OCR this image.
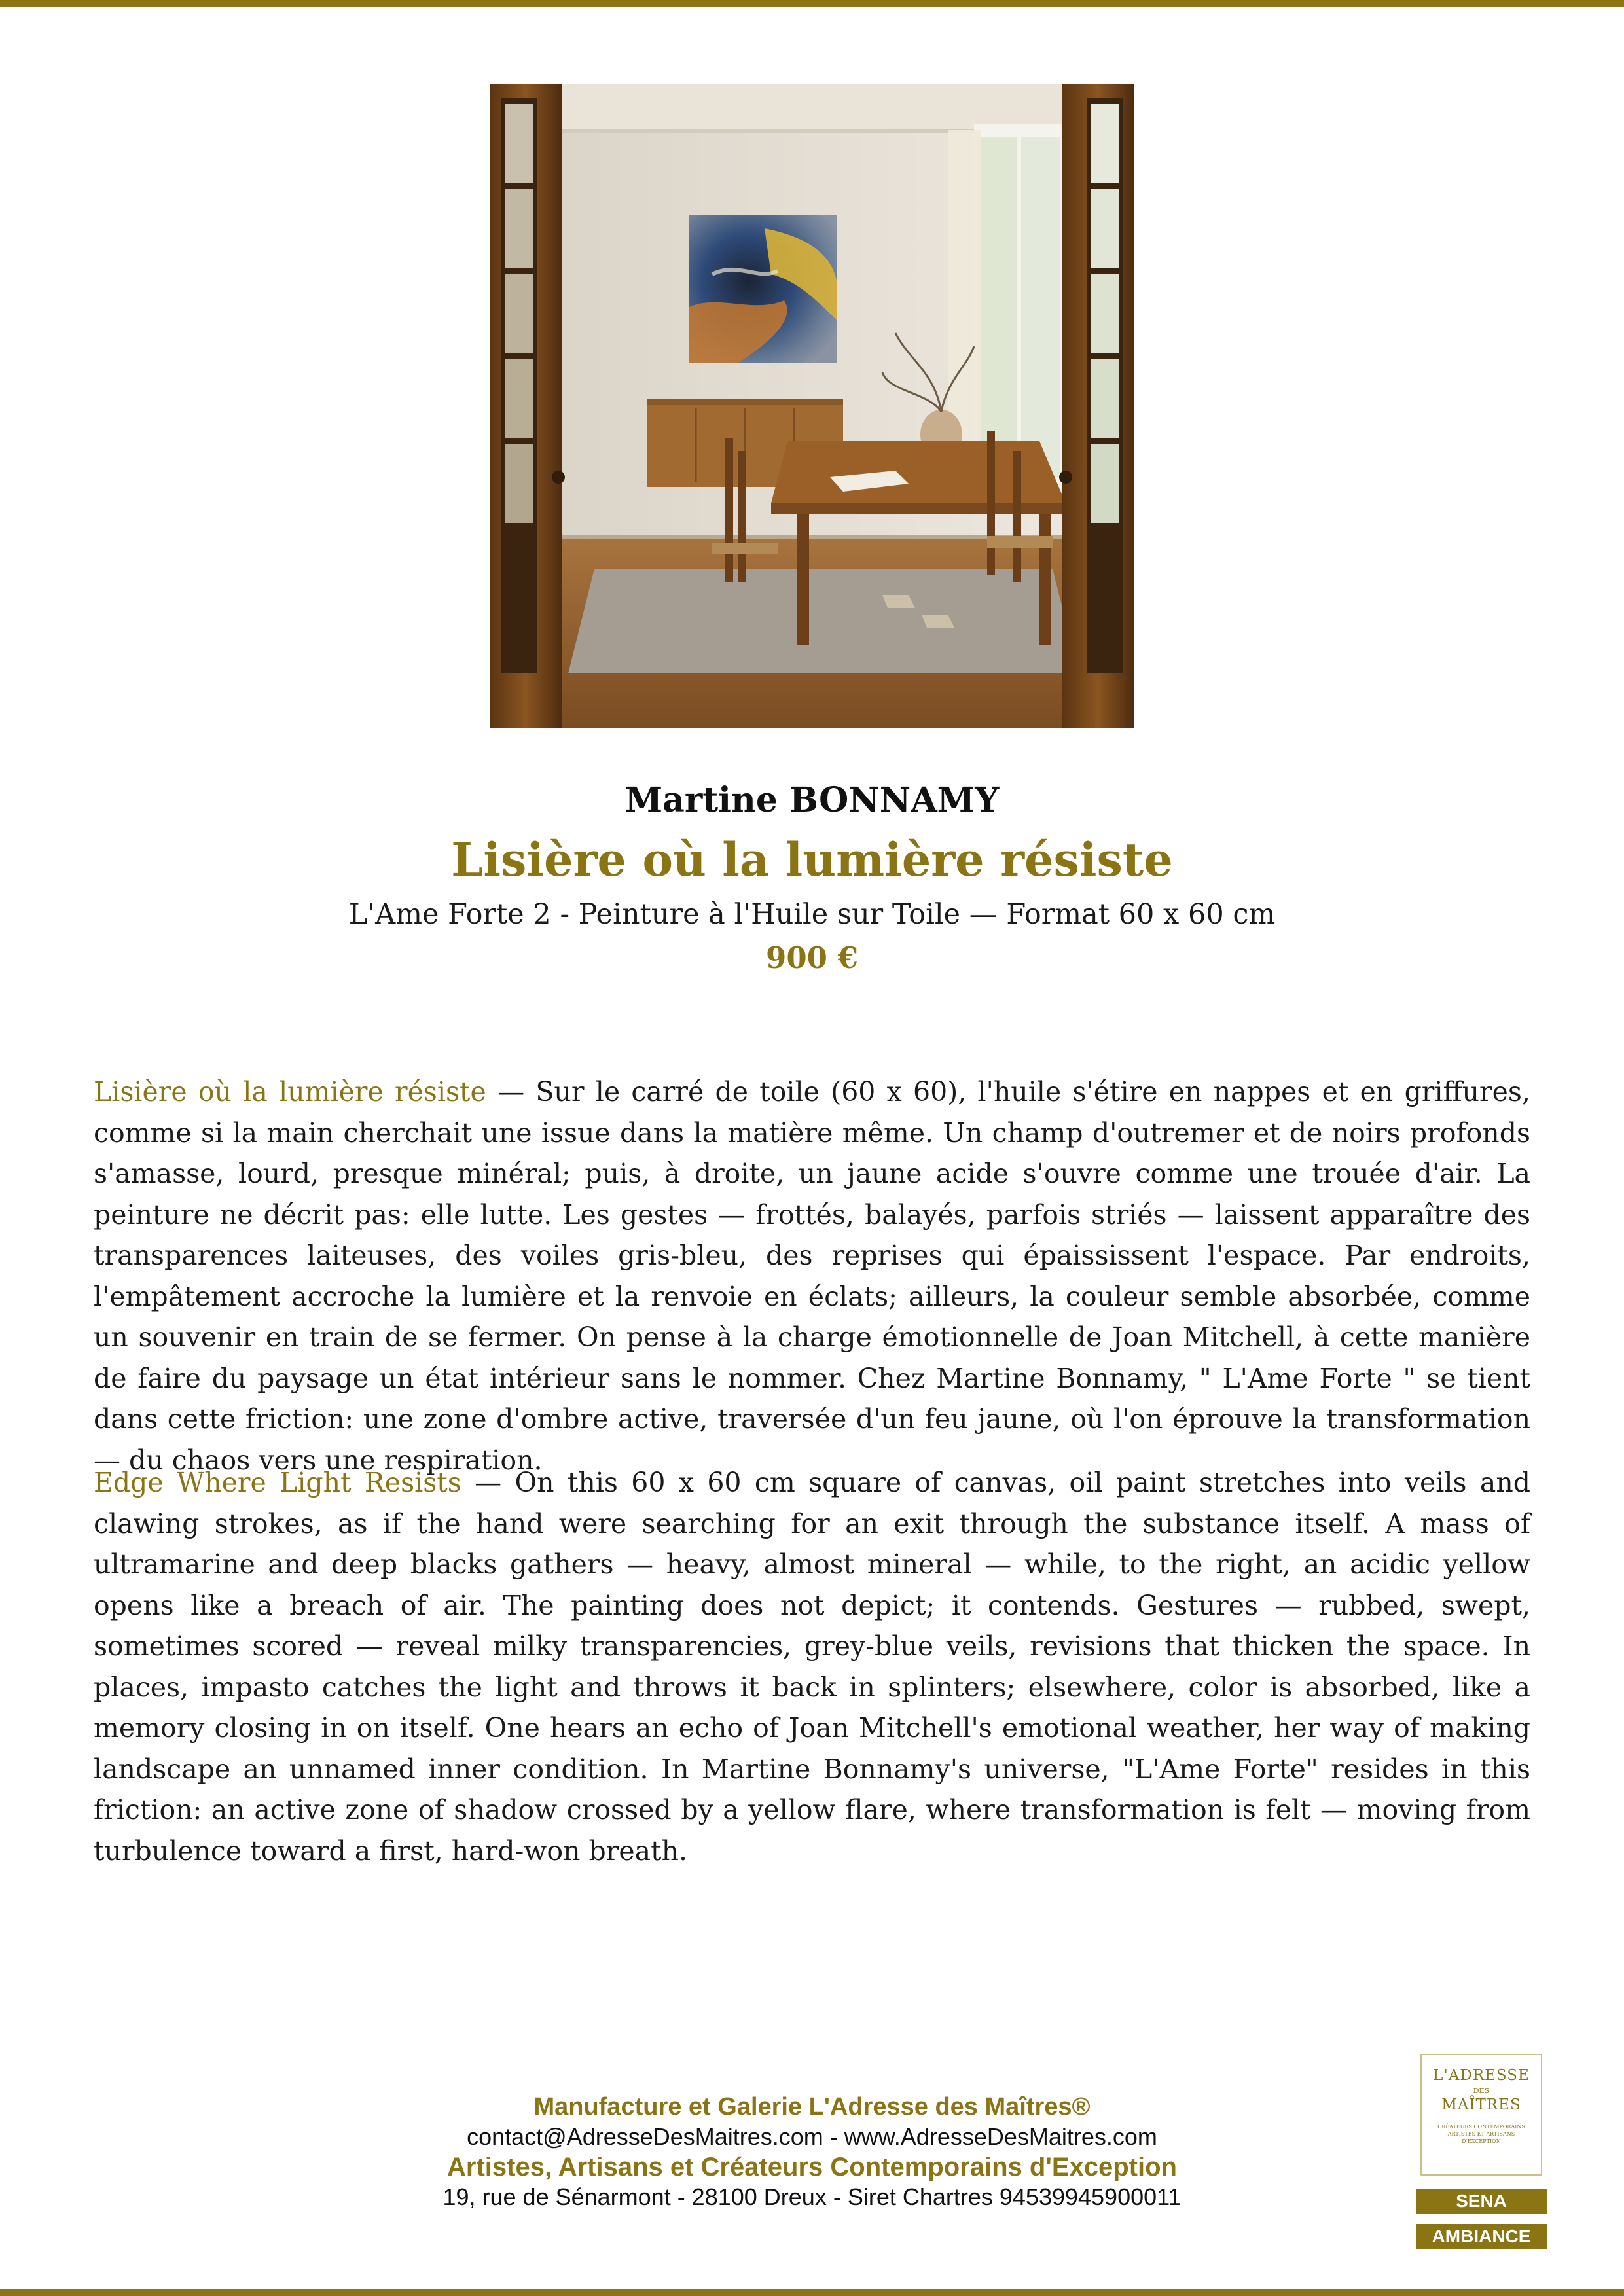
Martine BONNAMY
Lisière où la lumière résiste
L'Ame Forte 2 - Peinture à l'Huile sur Toile — Format 60 x 60 cm
900 €

Lisière où la lumière résiste — Sur le carré de toile (60 x 60), l'huile s'étire en nappes et en griffures, comme si la main cherchait une issue dans la matière même. Un champ d'outremer et de noirs profonds s'amasse, lourd, presque minéral; puis, à droite, un jaune acide s'ouvre comme une trouée d'air. La peinture ne décrit pas: elle lutte. Les gestes — frottés, balayés, parfois striés — laissent apparaître des transparences laiteuses, des voiles gris-bleu, des reprises qui épaississent l'espace. Par endroits, l'empâtement accroche la lumière et la renvoie en éclats; ailleurs, la couleur semble absorbée, comme un souvenir en train de se fermer. On pense à la charge émotionnelle de Joan Mitchell, à cette manière de faire du paysage un état intérieur sans le nommer. Chez Martine Bonnamy, " L'Ame Forte " se tient dans cette friction: une zone d'ombre active, traversée d'un feu jaune, où l'on éprouve la transformation — du chaos vers une respiration.

Edge Where Light Resists — On this 60 x 60 cm square of canvas, oil paint stretches into veils and clawing strokes, as if the hand were searching for an exit through the substance itself. A mass of ultramarine and deep blacks gathers — heavy, almost mineral — while, to the right, an acidic yellow opens like a breach of air. The painting does not depict; it contends. Gestures — rubbed, swept, sometimes scored — reveal milky transparencies, grey-blue veils, revisions that thicken the space. In places, impasto catches the light and throws it back in splinters; elsewhere, color is absorbed, like a memory closing in on itself. One hears an echo of Joan Mitchell's emotional weather, her way of making landscape an unnamed inner condition. In Martine Bonnamy's universe, "L'Ame Forte" resides in this friction: an active zone of shadow crossed by a yellow flare, where transformation is felt — moving from turbulence toward a first, hard-won breath.

Manufacture et Galerie L'Adresse des Maîtres®
contact@AdresseDesMaitres.com - www.AdresseDesMaitres.com
Artistes, Artisans et Créateurs Contemporains d'Exception
19, rue de Sénarmont - 28100 Dreux - Siret Chartres 94539945900011
L'ADRESSE
DES
MAÎTRES
CRÉATEURS CONTEMPORAINS ARTISTES ET ARTISANS D'EXCEPTION
SENA
AMBIANCE
